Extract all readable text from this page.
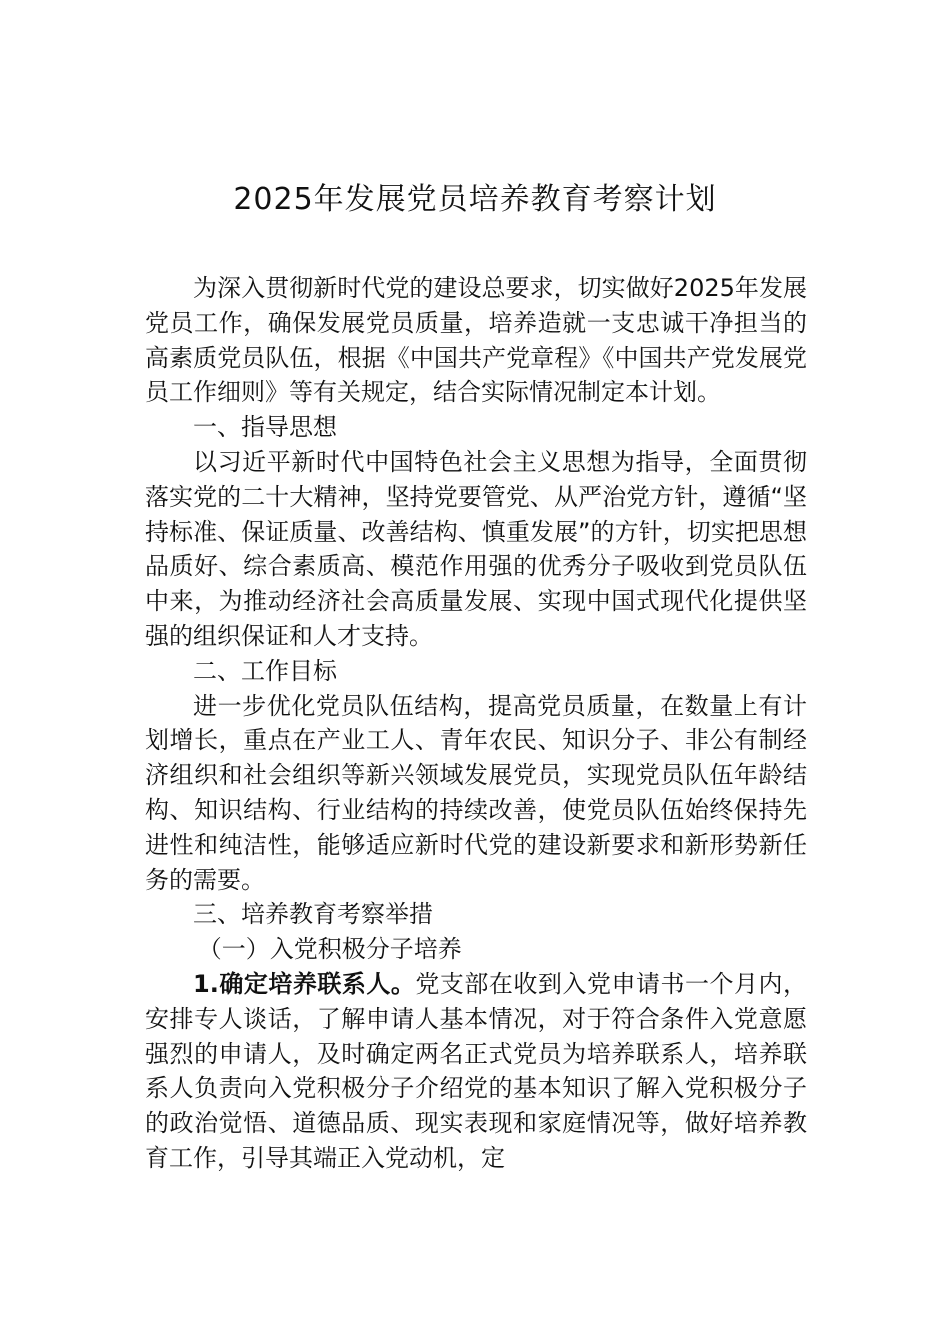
2025年发展党员培养教育考察计划

为深入贯彻新时代党的建设总要求，切实做好2025年发展党员工作，确保发展党员质量，培养造就一支忠诚干净担当的高素质党员队伍，根据《中国共产党章程》《中国共产党发展党员工作细则》等有关规定，结合实际情况制定本计划。

一、指导思想

以习近平新时代中国特色社会主义思想为指导，全面贯彻落实党的二十大精神，坚持党要管党、从严治党方针，遵循“坚持标准、保证质量、改善结构、慎重发展”的方针，切实把思想品质好、综合素质高、模范作用强的优秀分子吸收到党员队伍中来，为推动经济社会高质量发展、实现中国式现代化提供坚强的组织保证和人才支持。

二、工作目标

进一步优化党员队伍结构，提高党员质量，在数量上有计划增长，重点在产业工人、青年农民、知识分子、非公有制经济组织和社会组织等新兴领域发展党员，实现党员队伍年龄结构、知识结构、行业结构的持续改善，使党员队伍始终保持先进性和纯洁性，能够适应新时代党的建设新要求和新形势新任务的需要。

三、培养教育考察举措

（一）入党积极分子培养

1.确定培养联系人。党支部在收到入党申请书一个月内，安排专人谈话，了解申请人基本情况，对于符合条件入党意愿强烈的申请人，及时确定两名正式党员为培养联系人，培养联系人负责向入党积极分子介绍党的基本知识了解入党积极分子的政治觉悟、道德品质、现实表现和家庭情况等，做好培养教育工作，引导其端正入党动机，定
